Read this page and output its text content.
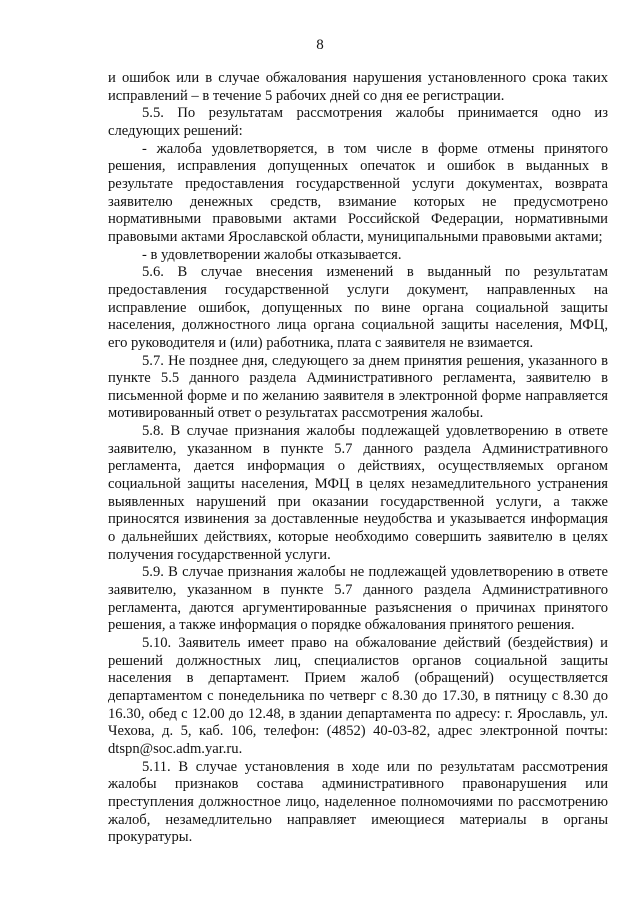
8

и ошибок или в случае обжалования нарушения установленного срока таких исправлений – в течение 5 рабочих дней со дня ее регистрации.

5.5. По результатам рассмотрения жалобы принимается одно из следующих решений:

- жалоба удовлетворяется, в том числе в форме отмены принятого решения, исправления допущенных опечаток и ошибок в выданных в результате предоставления государственной услуги документах, возврата заявителю денежных средств, взимание которых не предусмотрено нормативными правовыми актами Российской Федерации, нормативными правовыми актами Ярославской области, муниципальными правовыми актами;

- в удовлетворении жалобы отказывается.

5.6. В случае внесения изменений в выданный по результатам предоставления государственной услуги документ, направленных на исправление ошибок, допущенных по вине органа социальной защиты населения, должностного лица органа социальной защиты населения, МФЦ, его руководителя и (или) работника, плата с заявителя не взимается.

5.7. Не позднее дня, следующего за днем принятия решения, указанного в пункте 5.5 данного раздела Административного регламента, заявителю в письменной форме и по желанию заявителя в электронной форме направляется мотивированный ответ о результатах рассмотрения жалобы.

5.8. В случае признания жалобы подлежащей удовлетворению в ответе заявителю, указанном в пункте 5.7 данного раздела Административного регламента, дается информация о действиях, осуществляемых органом социальной защиты населения, МФЦ в целях незамедлительного устранения выявленных нарушений при оказании государственной услуги, а также приносятся извинения за доставленные неудобства и указывается информация о дальнейших действиях, которые необходимо совершить заявителю в целях получения государственной услуги.

5.9. В случае признания жалобы не подлежащей удовлетворению в ответе заявителю, указанном в пункте 5.7 данного раздела Административного регламента, даются аргументированные разъяснения о причинах принятого решения, а также информация о порядке обжалования принятого решения.

5.10. Заявитель имеет право на обжалование действий (бездействия) и решений должностных лиц, специалистов органов социальной защиты населения в департамент. Прием жалоб (обращений) осуществляется департаментом с понедельника по четверг с 8.30 до 17.30, в пятницу с 8.30 до 16.30, обед с 12.00 до 12.48, в здании департамента по адресу: г. Ярославль, ул. Чехова, д. 5, каб. 106, телефон: (4852) 40-03-82, адрес электронной почты: dtspn@soc.adm.yar.ru.

5.11. В случае установления в ходе или по результатам рассмотрения жалобы признаков состава административного правонарушения или преступления должностное лицо, наделенное полномочиями по рассмотрению жалоб, незамедлительно направляет имеющиеся материалы в органы прокуратуры.
